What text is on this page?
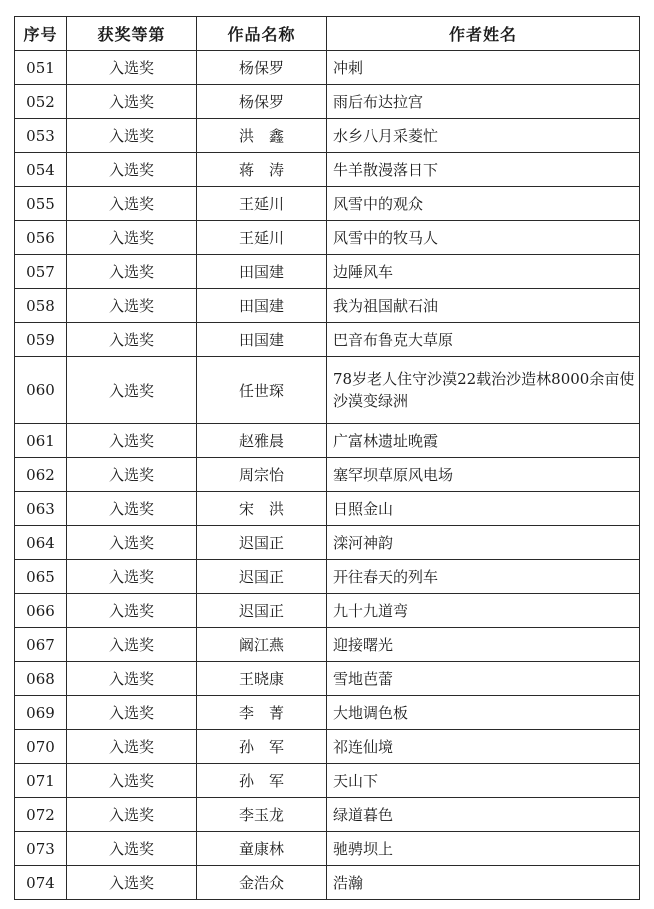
序号	获奖等第	作品名称	作者姓名
051	入选奖	杨保罗	冲刺
052	入选奖	杨保罗	雨后布达拉宫
053	入选奖	洪　鑫	水乡八月采菱忙
054	入选奖	蒋　涛	牛羊散漫落日下
055	入选奖	王延川	风雪中的观众
056	入选奖	王延川	风雪中的牧马人
057	入选奖	田国建	边陲风车
058	入选奖	田国建	我为祖国献石油
059	入选奖	田国建	巴音布鲁克大草原
060	入选奖	任世琛	78岁老人住守沙漠22载治沙造林8000余亩使沙漠变绿洲
061	入选奖	赵雅晨	广富林遗址晚霞
062	入选奖	周宗怡	塞罕坝草原风电场
063	入选奖	宋　洪	日照金山
064	入选奖	迟国正	滦河神韵
065	入选奖	迟国正	开往春天的列车
066	入选奖	迟国正	九十九道弯
067	入选奖	阚江燕	迎接曙光
068	入选奖	王晓康	雪地芭蕾
069	入选奖	李　菁	大地调色板
070	入选奖	孙　军	祁连仙境
071	入选奖	孙　军	天山下
072	入选奖	李玉龙	绿道暮色
073	入选奖	童康林	驰骋坝上
074	入选奖	金浩众	浩瀚
